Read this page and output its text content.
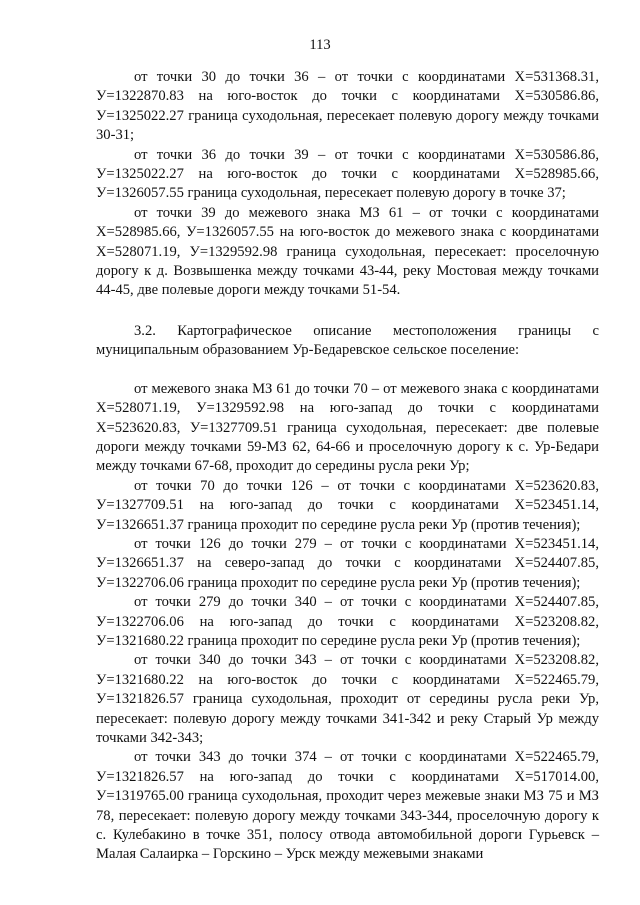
113

от точки 30 до точки 36 – от точки с координатами Х=531368.31, У=1322870.83 на юго-восток до точки с координатами Х=530586.86, У=1325022.27 граница суходольная, пересекает полевую дорогу между точками 30-31;

от точки 36 до точки 39 – от точки с координатами Х=530586.86, У=1325022.27 на юго-восток до точки с координатами Х=528985.66, У=1326057.55 граница суходольная, пересекает полевую дорогу в точке 37;

от точки 39 до межевого знака МЗ 61 – от точки с координатами Х=528985.66, У=1326057.55 на юго-восток до межевого знака с координатами Х=528071.19, У=1329592.98 граница суходольная, пересекает: проселочную дорогу к д. Возвышенка между точками 43-44, реку Мостовая между точками 44-45, две полевые дороги между точками 51-54.

3.2. Картографическое описание местоположения границы с муниципальным образованием Ур-Бедаревское сельское поселение:

от межевого знака МЗ 61 до точки 70 – от межевого знака с координатами Х=528071.19, У=1329592.98 на юго-запад до точки с координатами Х=523620.83, У=1327709.51 граница суходольная, пересекает: две полевые дороги между точками 59-МЗ 62, 64-66 и проселочную дорогу к с. Ур-Бедари между точками 67-68, проходит до середины русла реки Ур;

от точки 70 до точки 126 – от точки с координатами Х=523620.83, У=1327709.51 на юго-запад до точки с координатами Х=523451.14, У=1326651.37 граница проходит по середине русла реки Ур (против течения);

от точки 126 до точки 279 – от точки с координатами Х=523451.14, У=1326651.37 на северо-запад до точки с координатами Х=524407.85, У=1322706.06 граница проходит по середине русла реки Ур (против течения);

от точки 279 до точки 340 – от точки с координатами Х=524407.85, У=1322706.06 на юго-запад до точки с координатами Х=523208.82, У=1321680.22 граница проходит по середине русла реки Ур (против течения);

от точки 340 до точки 343 – от точки с координатами Х=523208.82, У=1321680.22 на юго-восток до точки с координатами Х=522465.79, У=1321826.57 граница суходольная, проходит от середины русла реки Ур, пересекает: полевую дорогу между точками 341-342 и реку Старый Ур между точками 342-343;

от точки 343 до точки 374 – от точки с координатами Х=522465.79, У=1321826.57 на юго-запад до точки с координатами Х=517014.00, У=1319765.00 граница суходольная, проходит через межевые знаки МЗ 75 и МЗ 78, пересекает: полевую дорогу между точками 343-344, проселочную дорогу к с. Кулебакино в точке 351, полосу отвода автомобильной дороги Гурьевск – Малая Салаирка – Горскино – Урск между межевыми знаками
